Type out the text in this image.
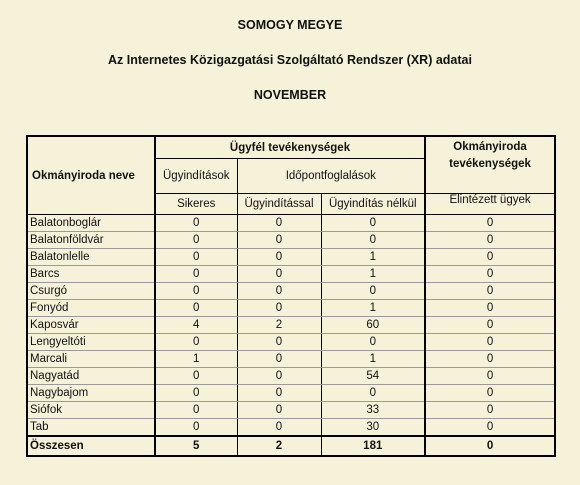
SOMOGY MEGYE
Az Internetes Közigazgatási Szolgáltató Rendszer (XR) adatai
NOVEMBER
Okmányiroda neve	Ügyfél tevékenységek			Okmányiroda tevékenységek
	Ügyindítások	Időpontfoglalások		
	Sikeres	Ügyindítással	Ügyindítás nélkül	Elintézett ügyek
Balatonboglár	0	0	0	0
Balatonföldvár	0	0	0	0
Balatonlelle	0	0	1	0
Barcs	0	0	1	0
Csurgó	0	0	0	0
Fonyód	0	0	1	0
Kaposvár	4	2	60	0
Lengyeltóti	0	0	0	0
Marcali	1	0	1	0
Nagyatád	0	0	54	0
Nagybajom	0	0	0	0
Siófok	0	0	33	0
Tab	0	0	30	0
Összesen	5	2	181	0
